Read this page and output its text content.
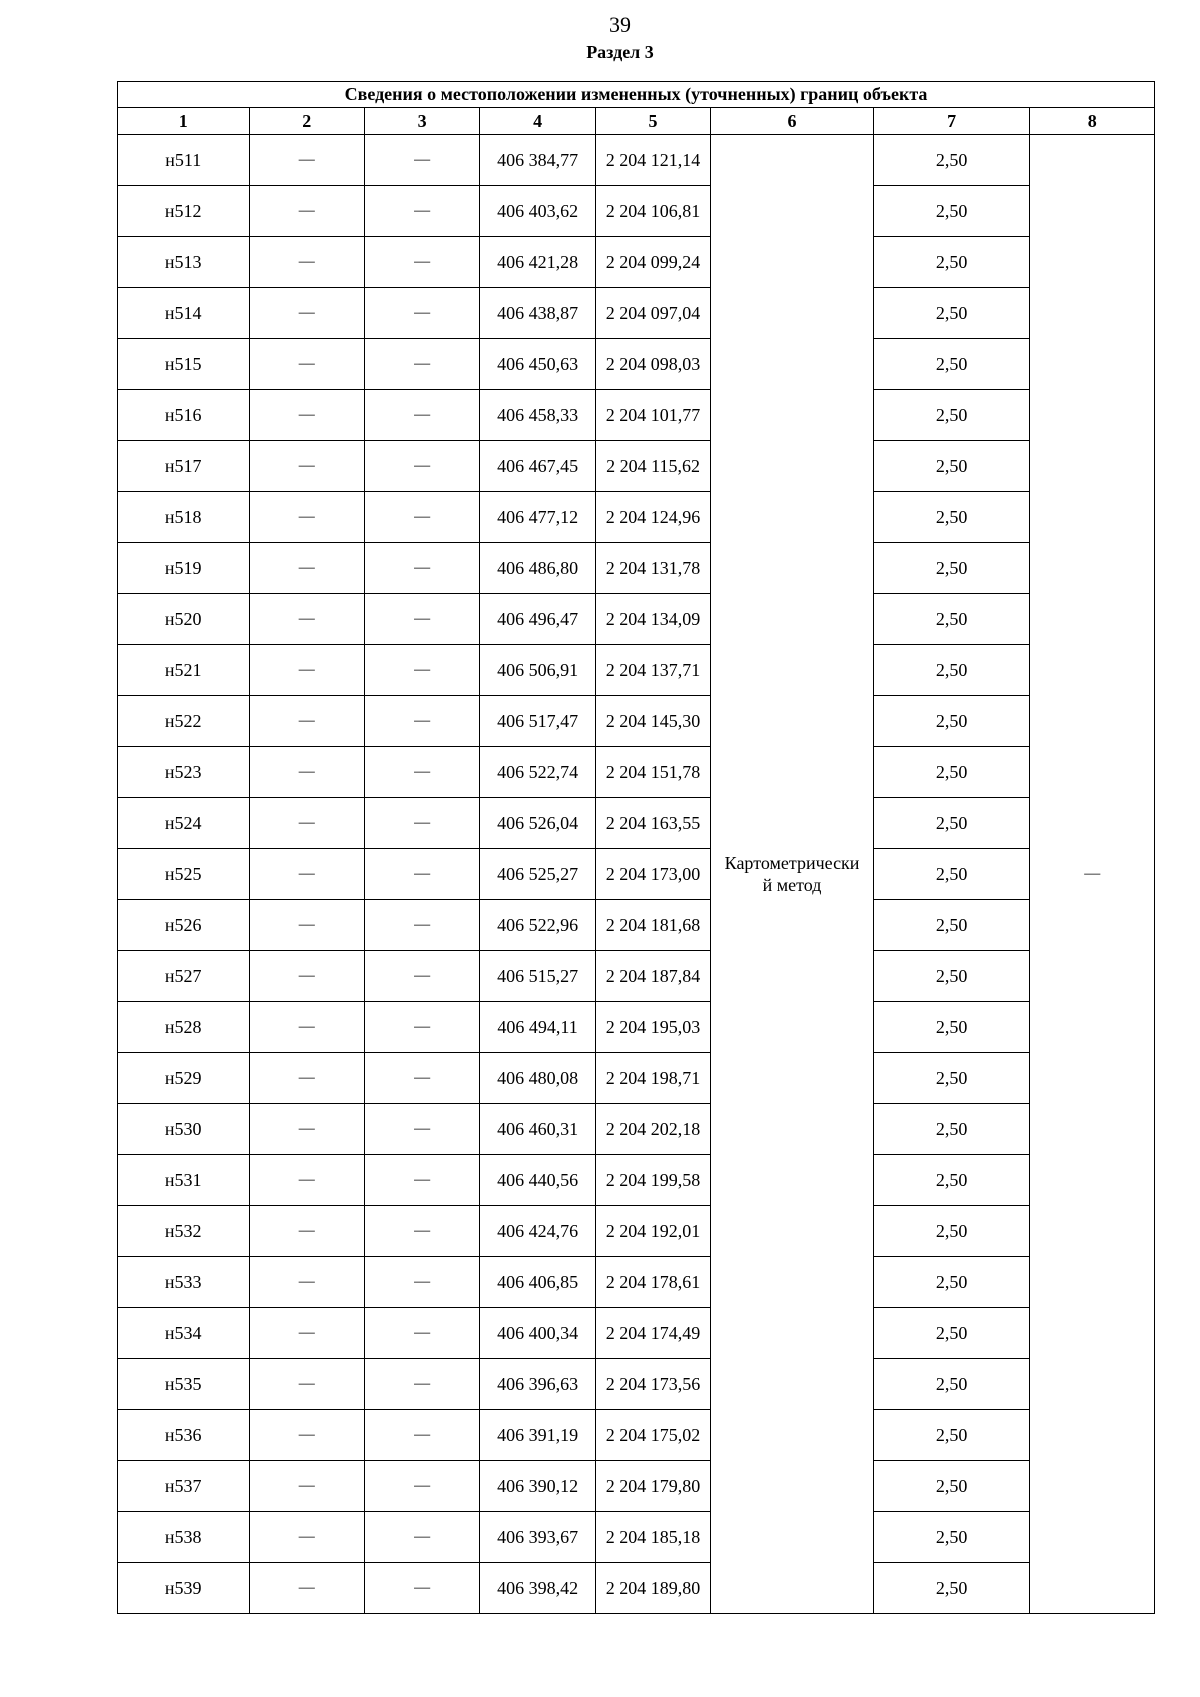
39
Раздел 3
Сведения о местоположении измененных (уточненных) границ объекта							
1	2	3	4	5	6	7	8
н511	—	—	406 384,77	2 204 121,14	Картометрически
й метод	2,50	—
н512	—	—	406 403,62	2 204 106,81		2,50	
н513	—	—	406 421,28	2 204 099,24		2,50	
н514	—	—	406 438,87	2 204 097,04		2,50	
н515	—	—	406 450,63	2 204 098,03		2,50	
н516	—	—	406 458,33	2 204 101,77		2,50	
н517	—	—	406 467,45	2 204 115,62		2,50	
н518	—	—	406 477,12	2 204 124,96		2,50	
н519	—	—	406 486,80	2 204 131,78		2,50	
н520	—	—	406 496,47	2 204 134,09		2,50	
н521	—	—	406 506,91	2 204 137,71		2,50	
н522	—	—	406 517,47	2 204 145,30		2,50	
н523	—	—	406 522,74	2 204 151,78		2,50	
н524	—	—	406 526,04	2 204 163,55		2,50	
н525	—	—	406 525,27	2 204 173,00		2,50	
н526	—	—	406 522,96	2 204 181,68		2,50	
н527	—	—	406 515,27	2 204 187,84		2,50	
н528	—	—	406 494,11	2 204 195,03		2,50	
н529	—	—	406 480,08	2 204 198,71		2,50	
н530	—	—	406 460,31	2 204 202,18		2,50	
н531	—	—	406 440,56	2 204 199,58		2,50	
н532	—	—	406 424,76	2 204 192,01		2,50	
н533	—	—	406 406,85	2 204 178,61		2,50	
н534	—	—	406 400,34	2 204 174,49		2,50	
н535	—	—	406 396,63	2 204 173,56		2,50	
н536	—	—	406 391,19	2 204 175,02		2,50	
н537	—	—	406 390,12	2 204 179,80		2,50	
н538	—	—	406 393,67	2 204 185,18		2,50	
н539	—	—	406 398,42	2 204 189,80		2,50	
